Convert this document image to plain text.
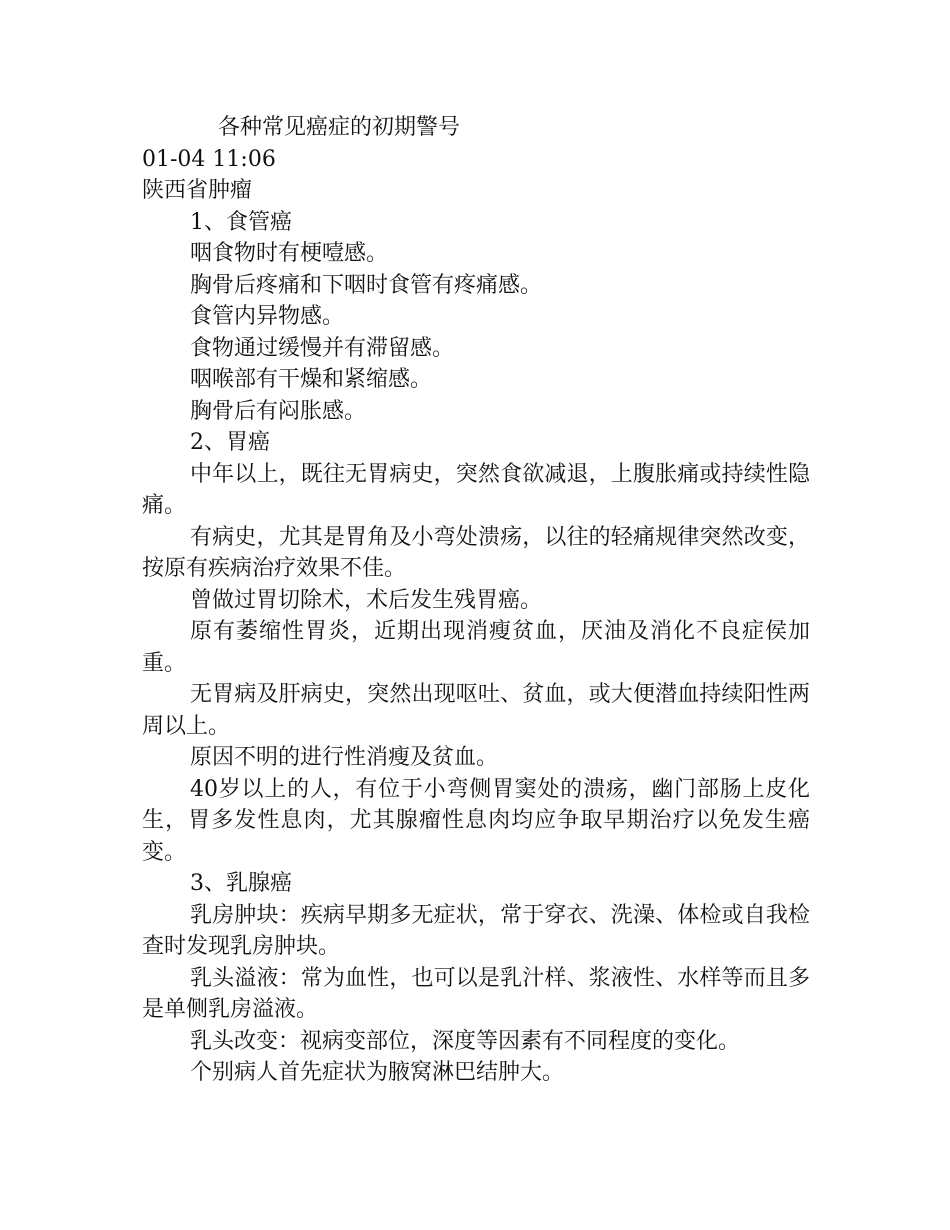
各种常见癌症的初期警号

01-04 11:06

陕西省肿瘤

1、食管癌

咽食物时有梗噎感。

胸骨后疼痛和下咽时食管有疼痛感。

食管内异物感。

食物通过缓慢并有滞留感。

咽喉部有干燥和紧缩感。

胸骨后有闷胀感。

2、胃癌

中年以上，既往无胃病史，突然食欲减退，上腹胀痛或持续性隐痛。

有病史，尤其是胃角及小弯处溃疡，以往的轻痛规律突然改变，按原有疾病治疗效果不佳。

曾做过胃切除术，术后发生残胃癌。

原有萎缩性胃炎，近期出现消瘦贫血，厌油及消化不良症侯加重。

无胃病及肝病史，突然出现呕吐、贫血，或大便潜血持续阳性两周以上。

原因不明的进行性消瘦及贫血。

40岁以上的人，有位于小弯侧胃窦处的溃疡，幽门部肠上皮化生，胃多发性息肉，尤其腺瘤性息肉均应争取早期治疗以免发生癌变。

3、乳腺癌

乳房肿块：疾病早期多无症状，常于穿衣、洗澡、体检或自我检查时发现乳房肿块。

乳头溢液：常为血性，也可以是乳汁样、浆液性、水样等而且多是单侧乳房溢液。

乳头改变：视病变部位，深度等因素有不同程度的变化。

个别病人首先症状为腋窝淋巴结肿大。
